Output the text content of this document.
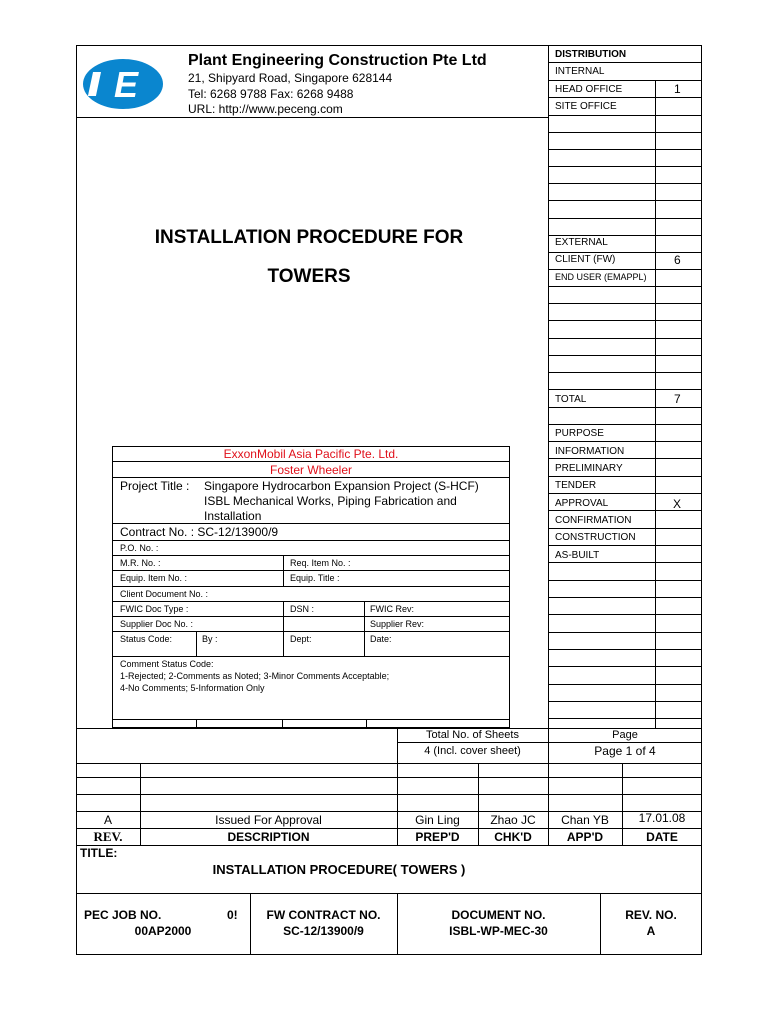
E
Plant Engineering Construction Pte Ltd
21, Shipyard Road, Singapore 628144
Tel: 6268 9788 Fax: 6268 9488
URL: http://www.peceng.com
INSTALLATION PROCEDURE FOR
TOWERS
DISTRIBUTION
INTERNAL
HEAD OFFICE	1
SITE OFFICE
EXTERNAL
CLIENT (FW)	6
END USER (EMAPPL)
TOTAL	7
PURPOSE
INFORMATION
PRELIMINARY
TENDER
APPROVAL	X
CONFIRMATION
CONSTRUCTION
AS-BUILT
ExxonMobil Asia Pacific Pte. Ltd.
Foster Wheeler
Project Title : Singapore Hydrocarbon Expansion Project (S-HCF)
ISBL Mechanical Works, Piping Fabrication and
Installation
Contract No. : SC-12/13900/9
P.O. No. :
M.R. No. :	Req. Item No. :
Equip. Item No. :	Equip. Title :
Client Document No. :
FWIC Doc Type :	DSN :	FWIC Rev:
Supplier Doc No. :	Supplier Rev:
Status Code:	By :	Dept:	Date:
Comment Status Code:
1-Rejected; 2-Comments as Noted; 3-Minor Comments Acceptable;
4-No Comments; 5-Information Only
Total No. of Sheets
4 (Incl. cover sheet)
Page
Page 1 of 4
A	Issued For Approval	Gin Ling	Zhao JC	Chan YB	17.01.08
REV.	DESCRIPTION	PREP'D	CHK'D	APP'D	DATE
TITLE:
INSTALLATION PROCEDURE( TOWERS )
PEC JOB NO.	0!
00AP2000
FW CONTRACT NO.
SC-12/13900/9
DOCUMENT NO.
ISBL-WP-MEC-30
REV. NO.
A
